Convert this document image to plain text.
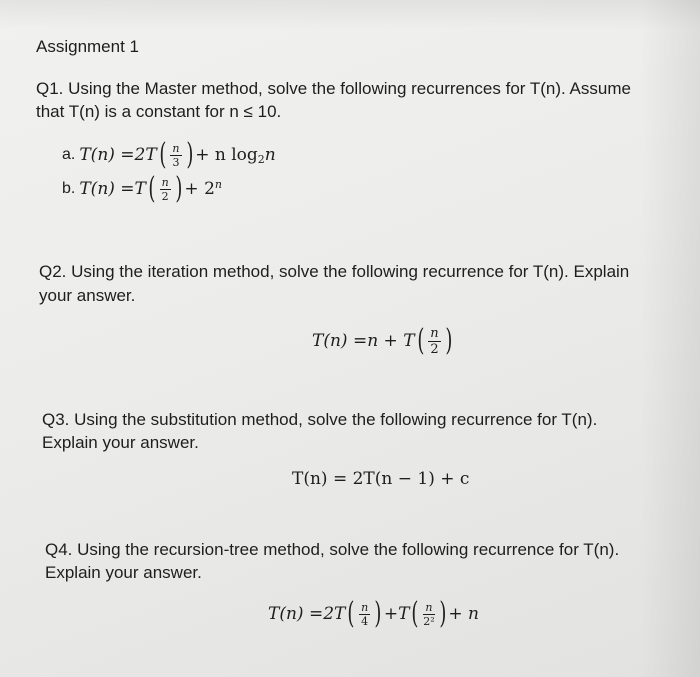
Assignment 1
Q1. Using the Master method, solve the following recurrences for T(n). Assume
that T(n) is a constant for n ≤ 10.
a. T(n) = 2T ( $\frac{n}{3}$ ) + n log 2 n
b. T(n) = T ( $\frac{n}{2}$ ) + 2 n
Q2. Using the iteration method, solve the following recurrence for T(n). Explain
your answer.
T(n) = n + T ( $\frac{n}{2}$ )
Q3. Using the substitution method, solve the following recurrence for T(n).
Explain your answer.
T(n) = 2T(n − 1) + c
Q4. Using the recursion-tree method, solve the following recurrence for T(n).
Explain your answer.
T(n) = 2T ( $\frac{n}{4}$ ) + T ( $\frac{n}{\text{2²}}$ ) + n
